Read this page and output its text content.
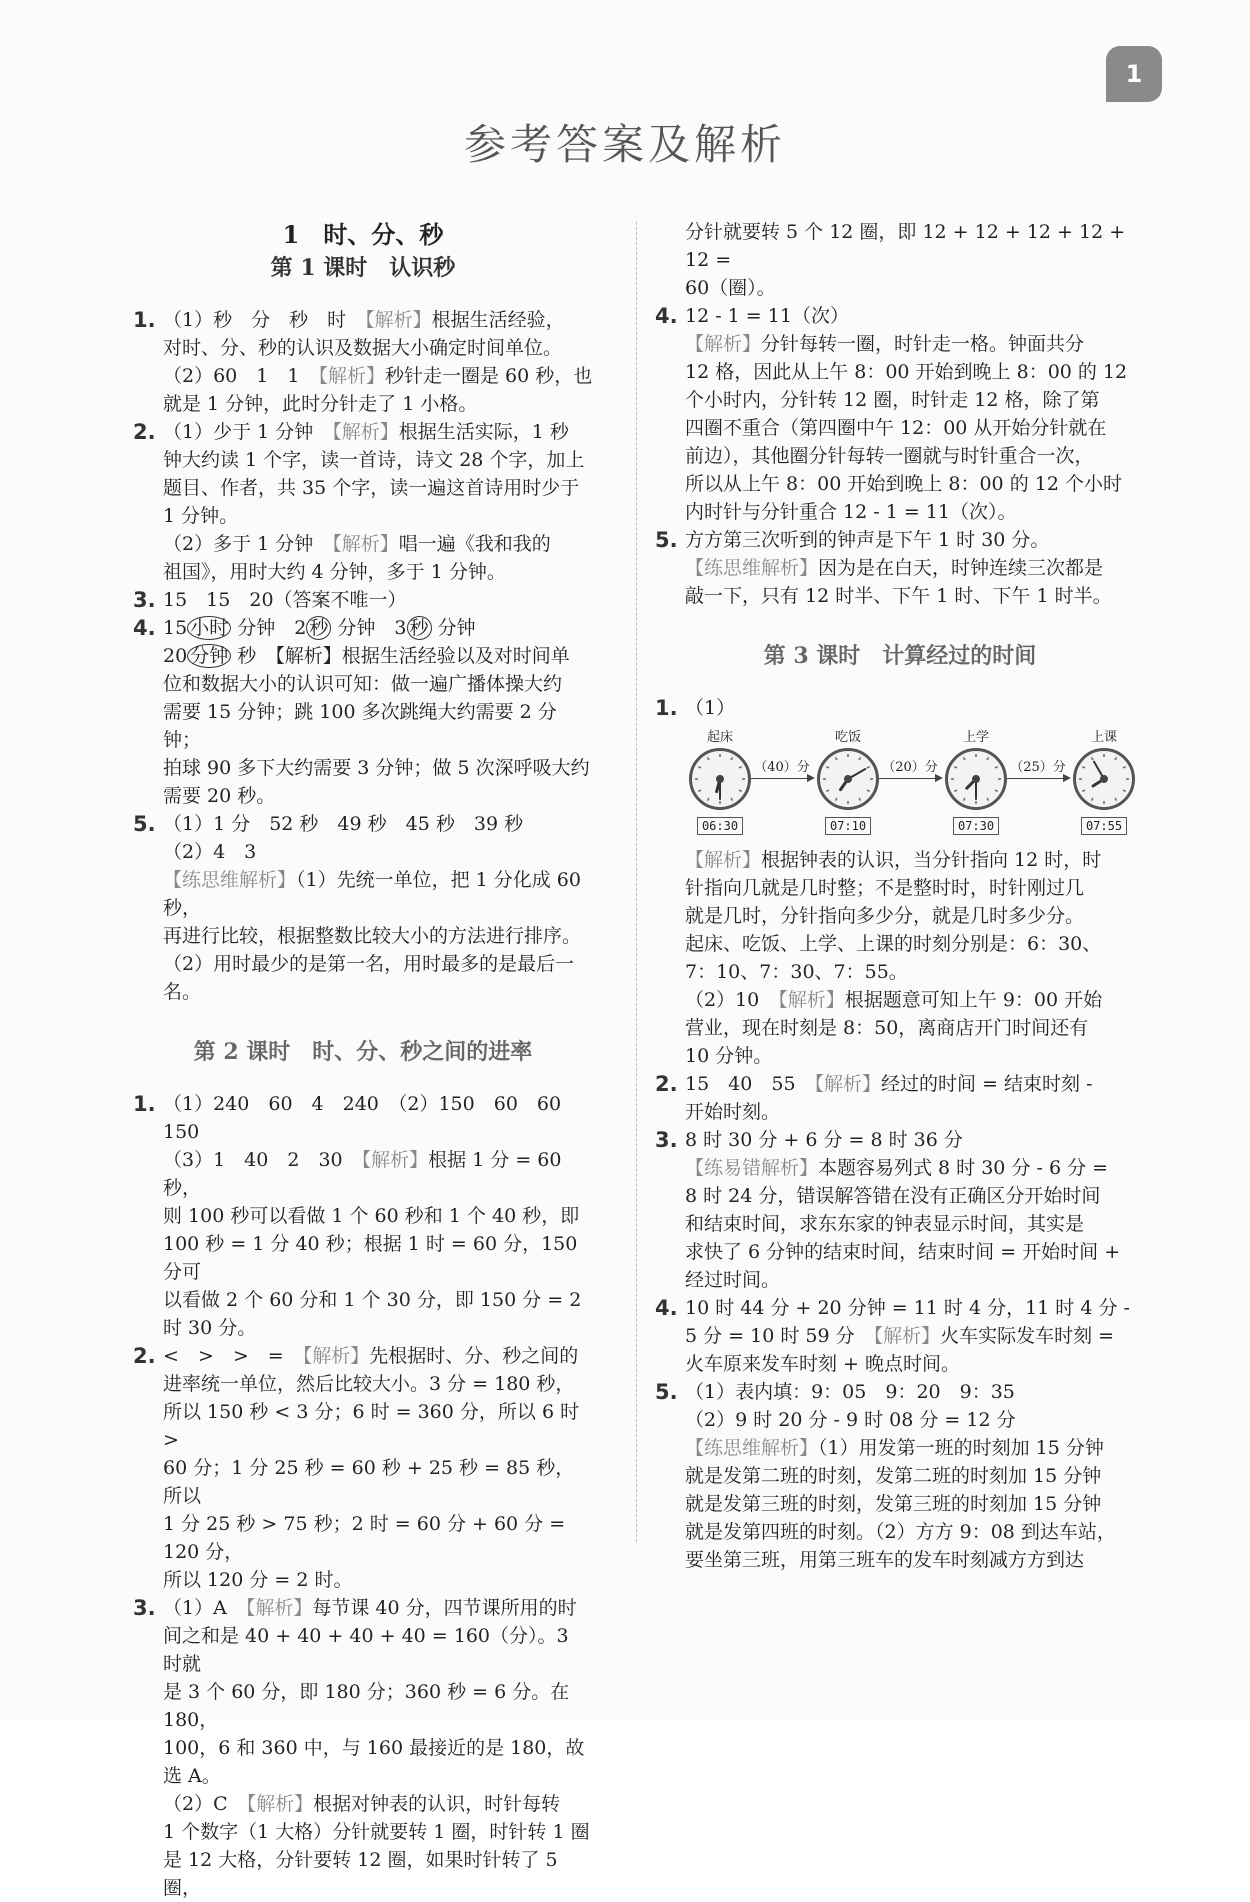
1
参考答案及解析

1　时、分、秒

第 1 课时　认识秒

1. （1）秒　分　秒　时　【解析】根据生活经验，
对时、分、秒的认识及数据大小确定时间单位。
（2）60　1　1　【解析】秒针走一圈是 60 秒，也
就是 1 分钟，此时分针走了 1 小格。
2. （1）少于 1 分钟　【解析】根据生活实际，1 秒
钟大约读 1 个字，读一首诗，诗文 28 个字，加上
题目、作者，共 35 个字，读一遍这首诗用时少于
1 分钟。
（2）多于 1 分钟　【解析】唱一遍《我和我的
祖国》，用时大约 4 分钟，多于 1 分钟。
3. 15　15　20（答案不唯一）
4. 15 小时 分钟　2 秒 分钟　3 秒 分钟
20 分钟 秒　【解析】根据生活经验以及对时间单
位和数据大小的认识可知：做一遍广播体操大约
需要 15 分钟；跳 100 多次跳绳大约需要 2 分钟；
拍球 90 多下大约需要 3 分钟；做 5 次深呼吸大约
需要 20 秒。
5. （1）1 分　52 秒　49 秒　45 秒　39 秒
（2）4　3
【练思维解析】（1）先统一单位，把 1 分化成 60 秒，
再进行比较，根据整数比较大小的方法进行排序。
（2）用时最少的是第一名，用时最多的是最后一名。

第 2 课时　时、分、秒之间的进率

1. （1）240　60　4　240　（2）150　60　60　150
（3）1　40　2　30　【解析】根据 1 分 = 60 秒，
则 100 秒可以看做 1 个 60 秒和 1 个 40 秒，即
100 秒 = 1 分 40 秒；根据 1 时 = 60 分，150 分可
以看做 2 个 60 分和 1 个 30 分，即 150 分 = 2 时 30 分。
2. <　>　>　=　【解析】先根据时、分、秒之间的
进率统一单位，然后比较大小。3 分 = 180 秒，
所以 150 秒 < 3 分；6 时 = 360 分，所以 6 时 >
60 分；1 分 25 秒 = 60 秒 + 25 秒 = 85 秒，所以
1 分 25 秒 > 75 秒；2 时 = 60 分 + 60 分 = 120 分，
所以 120 分 = 2 时。
3. （1）A　【解析】每节课 40 分，四节课所用的时
间之和是 40 + 40 + 40 + 40 = 160（分）。3 时就
是 3 个 60 分，即 180 分；360 秒 = 6 分。在 180，
100，6 和 360 中，与 160 最接近的是 180，故选 A。
（2）C　【解析】根据对钟表的认识，时针每转
1 个数字（1 大格）分针就要转 1 圈，时针转 1 圈
是 12 大格，分针要转 12 圈，如果时针转了 5 圈，
分针就要转 5 个 12 圈，即 12 + 12 + 12 + 12 + 12 =
60（圈）。
4. 12 - 1 = 11（次）
【解析】分针每转一圈，时针走一格。钟面共分
12 格，因此从上午 8：00 开始到晚上 8：00 的 12
个小时内，分针转 12 圈，时针走 12 格，除了第
四圈不重合（第四圈中午 12：00 从开始分针就在
前边），其他圈分针每转一圈就与时针重合一次，
所以从上午 8：00 开始到晚上 8：00 的 12 个小时
内时针与分针重合 12 - 1 = 11（次）。
5. 方方第三次听到的钟声是下午 1 时 30 分。
【练思维解析】因为是在白天，时钟连续三次都是
敲一下，只有 12 时半、下午 1 时、下午 1 时半。

第 3 课时　计算经过的时间

1. （1）
起床
06:30
吃饭
07:10
上学
07:30
上课
07:55
（40）分	（20）分	（25）分
【解析】根据钟表的认识，当分针指向 12 时，时
针指向几就是几时整；不是整时时，时针刚过几
就是几时，分针指向多少分，就是几时多少分。
起床、吃饭、上学、上课的时刻分别是：6：30、
7：10、7：30、7：55。
（2）10　【解析】根据题意可知上午 9：00 开始
营业，现在时刻是 8：50，离商店开门时间还有
10 分钟。
2. 15　40　55　【解析】经过的时间 = 结束时刻 -
开始时刻。
3. 8 时 30 分 + 6 分 = 8 时 36 分
【练易错解析】本题容易列式 8 时 30 分 - 6 分 =
8 时 24 分，错误解答错在没有正确区分开始时间
和结束时间，求东东家的钟表显示时间，其实是
求快了 6 分钟的结束时间，结束时间 = 开始时间 +
经过时间。
4. 10 时 44 分 + 20 分钟 = 11 时 4 分，11 时 4 分 -
5 分 = 10 时 59 分　【解析】火车实际发车时刻 =
火车原来发车时刻 + 晚点时间。
5. （1）表内填：9：05　9：20　9：35
（2）9 时 20 分 - 9 时 08 分 = 12 分
【练思维解析】（1）用发第一班的时刻加 15 分钟
就是发第二班的时刻，发第二班的时刻加 15 分钟
就是发第三班的时刻，发第三班的时刻加 15 分钟
就是发第四班的时刻。（2）方方 9：08 到达车站，
要坐第三班，用第三班车的发车时刻减方方到达
